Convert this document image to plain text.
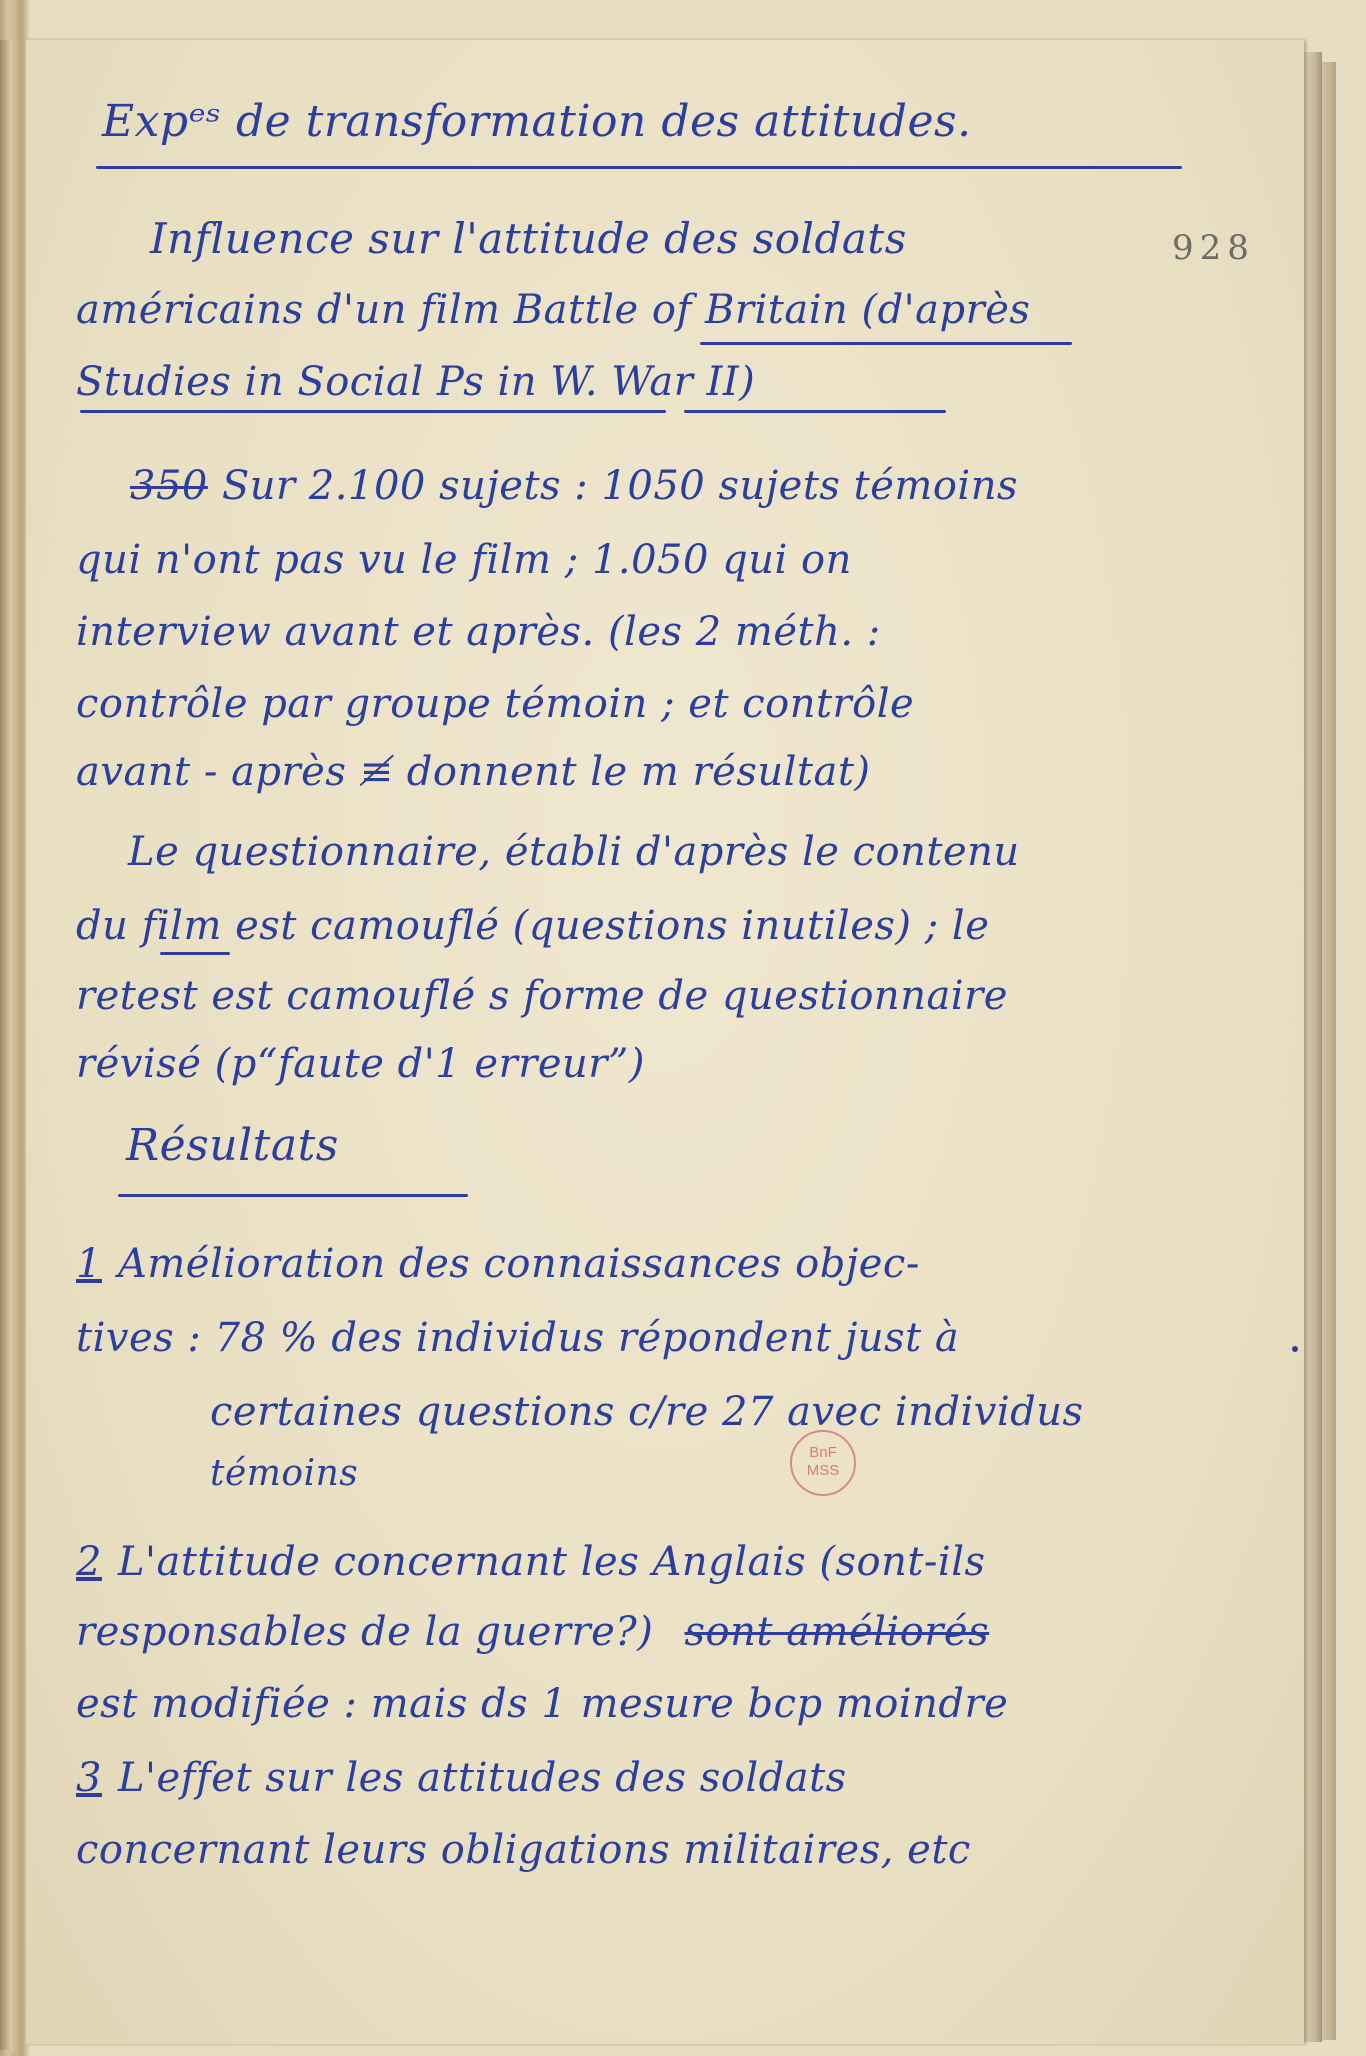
928
Expᵉˢ de transformation des attitudes.
Influence sur l'attitude des soldats
américains d'un film Battle of Britain (d'après
Studies in Social Ps in W. War II)
350 Sur 2.100 sujets : 1050 sujets témoins
qui n'ont pas vu le film ; 1.050 qui on
interview avant et après. (les 2 méth. :
contrôle par groupe témoin ; et contrôle
avant - après ≢ donnent le m résultat)
Le questionnaire, établi d'après le contenu
du film est camouflé (questions inutiles) ; le
retest est camouflé s forme de questionnaire
révisé (p“faute d'1 erreur”)
Résultats
1 Amélioration des connaissances objec-
tives : 78 % des individus répondent just à
certaines questions c/re 27 avec individus
témoins
BnF
MSS
2 L'attitude concernant les Anglais (sont-ils
responsables de la guerre?) sont améliorés
est modifiée : mais ds 1 mesure bcp moindre
3 L'effet sur les attitudes des soldats
concernant leurs obligations militaires, etc
